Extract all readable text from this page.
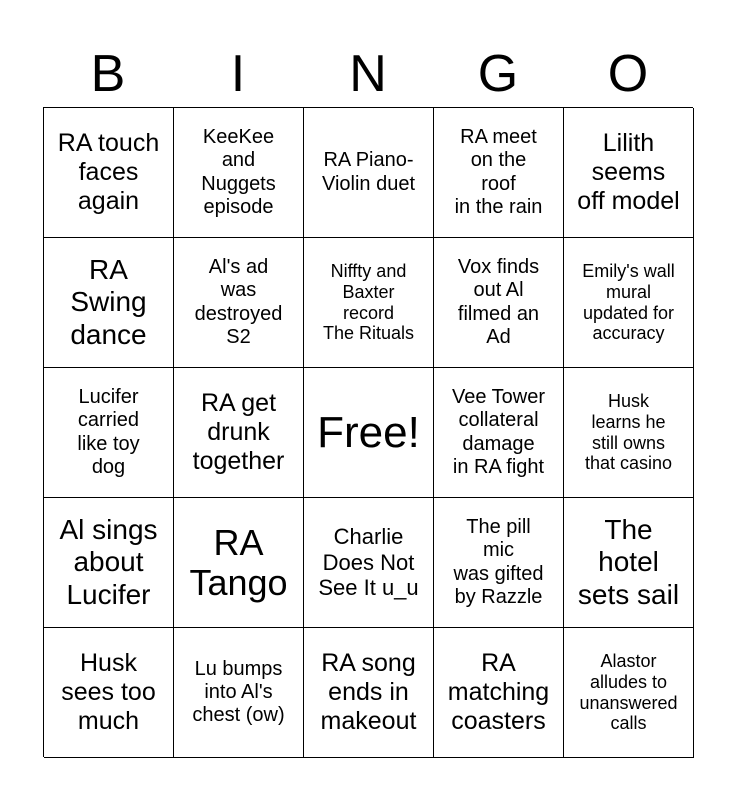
B	I	N	G	O
RA touch
faces
again
KeeKee
and
Nuggets
episode
RA Piano-
Violin duet
RA meet
on the
roof
in the rain
Lilith
seems
off model
RA
Swing
dance
Al's ad
was
destroyed
S2
Niffty and
Baxter
record
The Rituals
Vox finds
out Al
filmed an
Ad
Emily's wall
mural
updated for
accuracy
Lucifer
carried
like toy
dog
RA get
drunk
together
Free!
Vee Tower
collateral
damage
in RA fight
Husk
learns he
still owns
that casino
Al sings
about
Lucifer
RA
Tango
Charlie
Does Not
See It u_u
The pill
mic
was gifted
by Razzle
The
hotel
sets sail
Husk
sees too
much
Lu bumps
into Al's
chest (ow)
RA song
ends in
makeout
RA
matching
coasters
Alastor
alludes to
unanswered
calls
